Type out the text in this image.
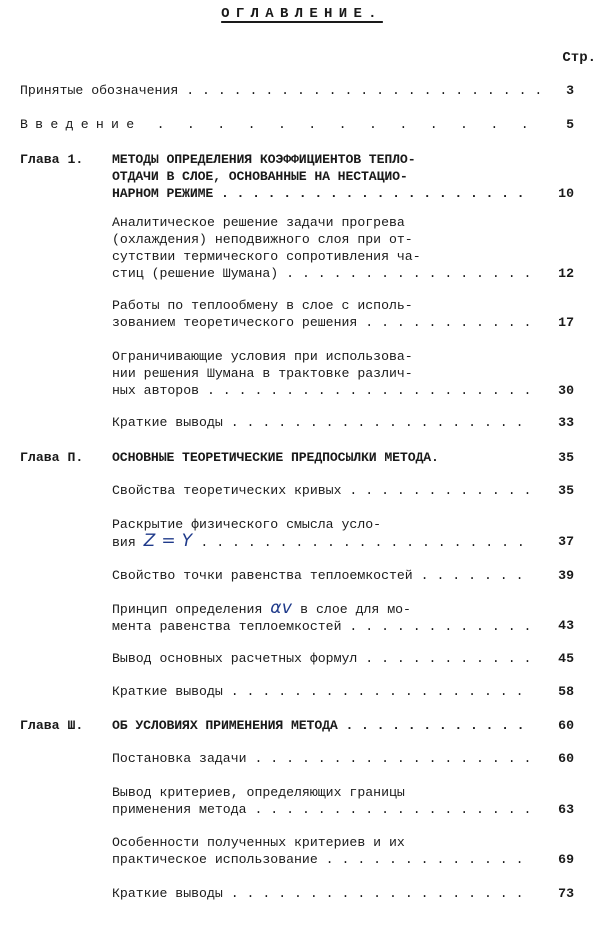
ОГЛАВЛЕНИЕ.
Стр.
Принятые обозначения . . .	3
Введение . . .	5
Глава 1. МЕТОДЫ ОПРЕДЕЛЕНИЯ КОЭФФИЦИЕНТОВ ТЕПЛО-
ОТДАЧИ В СЛОЕ, ОСНОВАННЫЕ НА НЕСТАЦИО-
НАРНОМ РЕЖИМЕ . . .	10
Аналитическое решение задачи прогрева
(охлаждения) неподвижного слоя при от-
сутствии термического сопротивления ча-
стиц (решение Шумана) . . .	12
Работы по теплообмену в слое с исполь-
зованием теоретического решения . . .	17
Ограничивающие условия при использова-
нии решения Шумана в трактовке различ-
ных авторов . . .	30
Краткие выводы . . .	33
Глава П. ОСНОВНЫЕ ТЕОРЕТИЧЕСКИЕ ПРЕДПОСЫЛКИ МЕТОДА.	35
Свойства теоретических кривых . . .	35
Раскрытие физического смысла усло-
вия Z = Y . . .	37
Свойство точки равенства теплоемкостей . . .	39
Принцип определения αv в слое для мо-
мента равенства теплоемкостей . . .	43
Вывод основных расчетных формул . . .	45
Краткие выводы . . .	58
Глава Ш. ОБ УСЛОВИЯХ ПРИМЕНЕНИЯ МЕТОДА . . .	60
Постановка задачи . . .	60
Вывод критериев, определяющих границы
применения метода . . .	63
Особенности полученных критериев и их
практическое использование . . .	69
Краткие выводы . . .	73
